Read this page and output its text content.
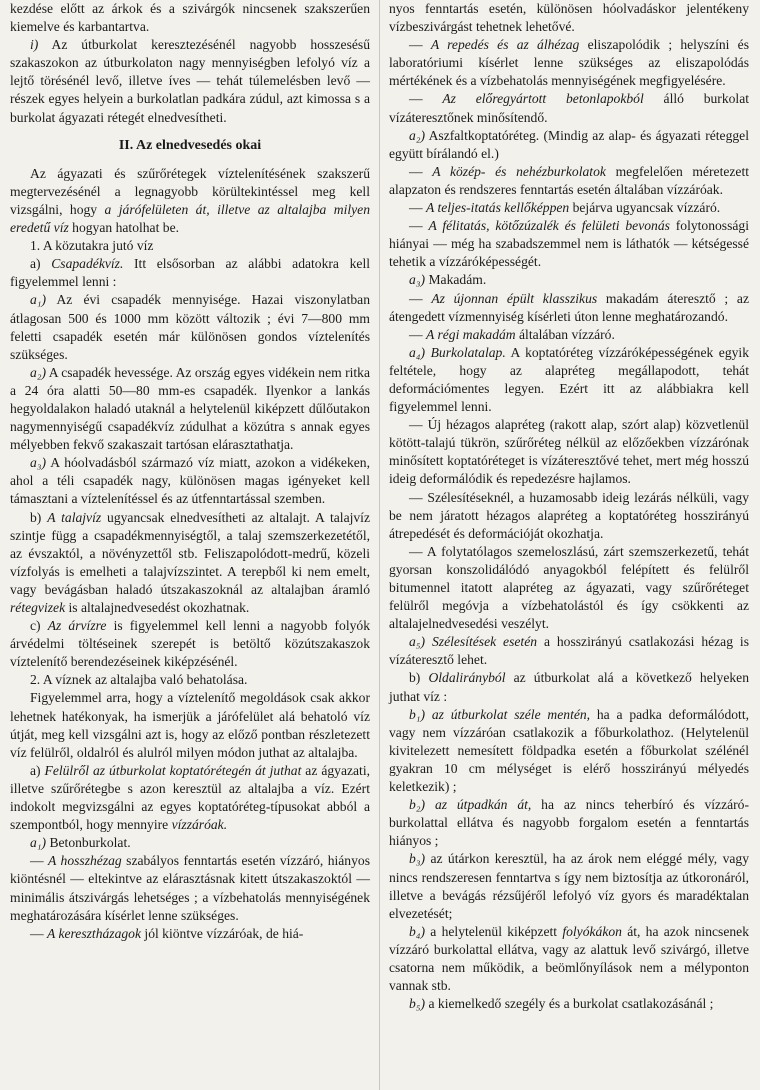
kezdése előtt az árkok és a szivárgók nincsenek szakszerűen kiemelve és karbantartva.

i) Az útburkolat keresztezésénél nagyobb hosszesésű szakaszokon az útburkolaton nagy mennyiségben lefolyó víz a lejtő törésénél levő, illetve íves — tehát túlemelésben levő — részek egyes helyein a burkolatlan padkára zúdul, azt kimossa s a burkolat ágyazati rétegét elnedvesítheti.

II. Az elnedvesedés okai

Az ágyazati és szűrőrétegek víztelenítésének szakszerű megtervezésénél a legnagyobb körültekintéssel meg kell vizsgálni, hogy a járófelületen át, illetve az altalajba milyen eredetű víz hogyan hatolhat be.

1. A közutakra jutó víz

a) Csapadékvíz. Itt elsősorban az alábbi adatokra kell figyelemmel lenni :

a₁) Az évi csapadék mennyisége. Hazai viszonylatban átlagosan 500 és 1000 mm között változik ; évi 7—800 mm feletti csapadék esetén már különösen gondos víztelenítés szükséges.

a₂) A csapadék hevessége. Az ország egyes vidékein nem ritka a 24 óra alatti 50—80 mm-es csapadék. Ilyenkor a lankás hegyoldalakon haladó utaknál a helytelenül kiképzett dűlőutakon nagymennyiségű csapadékvíz zúdulhat a közútra s annak egyes mélyebben fekvő szakaszait tartósan elárasztathatja.

a₃) A hóolvadásból származó víz miatt, azokon a vidékeken, ahol a téli csapadék nagy, különösen magas igényeket kell támasztani a víztelenítéssel és az útfenntartással szemben.

b) A talajvíz ugyancsak elnedvesítheti az altalajt. A talajvíz szintje függ a csapadékmennyiségtől, a talaj szemszerkezetétől, az évszaktól, a növényzettől stb. Feliszapolódott-medrű, közeli vízfolyás is emelheti a talajvízszintet. A terepből ki nem emelt, vagy bevágásban haladó útszakaszoknál az altalajban áramló rétegvizek is altalajnedvesedést okozhatnak.

c) Az árvízre is figyelemmel kell lenni a nagyobb folyók árvédelmi töltéseinek szerepét is betöltő közútszakaszok víztelenítő berendezéseinek kiképzésénél.

2. A víznek az altalajba való behatolása.

Figyelemmel arra, hogy a víztelenítő megoldások csak akkor lehetnek hatékonyak, ha ismerjük a járófelület alá behatoló víz útját, meg kell vizsgálni azt is, hogy az előző pontban részletezett víz felülről, oldalról és alulról milyen módon juthat az altalajba.

a) Felülről az útburkolat koptatórétegén át juthat az ágyazati, illetve szűrőrétegbe s azon keresztül az altalajba a víz. Ezért indokolt megvizsgálni az egyes koptatóréteg-típusokat abból a szempontból, hogy mennyire vízzáróak.

a₁) Betonburkolat.

— A hosszhézag szabályos fenntartás esetén vízzáró, hiányos kiöntésnél — eltekintve az elárasztásnak kitett útszakaszoktól — minimális átszivárgás lehetséges ; a vízbehatolás mennyiségének meghatározására kísérlet lenne szükséges.

— A keresztházagok jól kiöntve vízzáróak, de hiá-

nyos fenntartás esetén, különösen hóolvadáskor jelentékeny vízbeszivárgást tehetnek lehetővé.

— A repedés és az álhézag eliszapolódik ; helyszíni és laboratóriumi kísérlet lenne szükséges az eliszapolódás mértékének és a vízbehatolás mennyiségének megfigyelésére.

— Az előregyártott betonlapokból álló burkolat vízáteresztőnek minősítendő.

a₂) Aszfaltkoptatóréteg. (Mindig az alap- és ágyazati réteggel együtt bírálandó el.)

— A közép- és nehézburkolatok megfelelően méretezett alapzaton és rendszeres fenntartás esetén általában vízzáróak.

— A teljes-itatás kellőképpen bejárva ugyancsak vízzáró.

— A félitatás, kötőzúzalék és felületi bevonás folytonossági hiányai — még ha szabadszemmel nem is láthatók — kétségessé tehetik a vízzáróképességét.

a₃) Makadám.

— Az újonnan épült klasszikus makadám áteresztő ; az átengedett vízmennyiség kísérleti úton lenne meghatározandó.

— A régi makadám általában vízzáró.

a₄) Burkolatalap. A koptatóréteg vízzáróképességének egyik feltétele, hogy az alapréteg megállapodott, tehát deformációmentes legyen. Ezért itt az alábbiakra kell figyelemmel lenni.

— Új hézagos alapréteg (rakott alap, szórt alap) közvetlenül kötött-talajú tükrön, szűrőréteg nélkül az előzőekben vízzárónak minősített koptatóréteget is vízáteresztővé tehet, mert még hosszú ideig deformálódik és repedezésre hajlamos.

— Szélesítéseknél, a huzamosabb ideig lezárás nélküli, vagy be nem járatott hézagos alapréteg a koptatóréteg hosszirányú átrepedését és deformációját okozhatja.

— A folytatólagos szemeloszlású, zárt szemszerkezetű, tehát gyorsan konszolidálódó anyagokból felépített és felülről bitumennel itatott alapréteg az ágyazati, vagy szűrőréteget felülről megóvja a vízbehatolástól és így csökkenti az altalajelnedvesedési veszélyt.

a₅) Szélesítések esetén a hosszirányú csatlakozási hézag is vízáteresztő lehet.

b) Oldalirányból az útburkolat alá a következő helyeken juthat víz :

b₁) az útburkolat széle mentén, ha a padka deformálódott, vagy nem vízzáróan csatlakozik a főburkolathoz. (Helytelenül kivitelezett nemesített földpadka esetén a főburkolat szélénél gyakran 10 cm mélységet is elérő hosszirányú mélyedés keletkezik) ;

b₂) az útpadkán át, ha az nincs teherbíró és vízzáró-burkolattal ellátva és nagyobb forgalom esetén a fenntartás hiányos ;

b₃) az útárkon keresztül, ha az árok nem eléggé mély, vagy nincs rendszeresen fenntartva s így nem biztosítja az útkoronáról, illetve a bevágás rézsűjéről lefolyó víz gyors és maradéktalan elvezetését;

b₄) a helytelenül kiképzett folyókákon át, ha azok nincsenek vízzáró burkolattal ellátva, vagy az alattuk levő szivárgó, illetve csatorna nem működik, a beömlőnyílások nem a mélyponton vannak stb.

b₅) a kiemelkedő szegély és a burkolat csatlakozásánál ;
